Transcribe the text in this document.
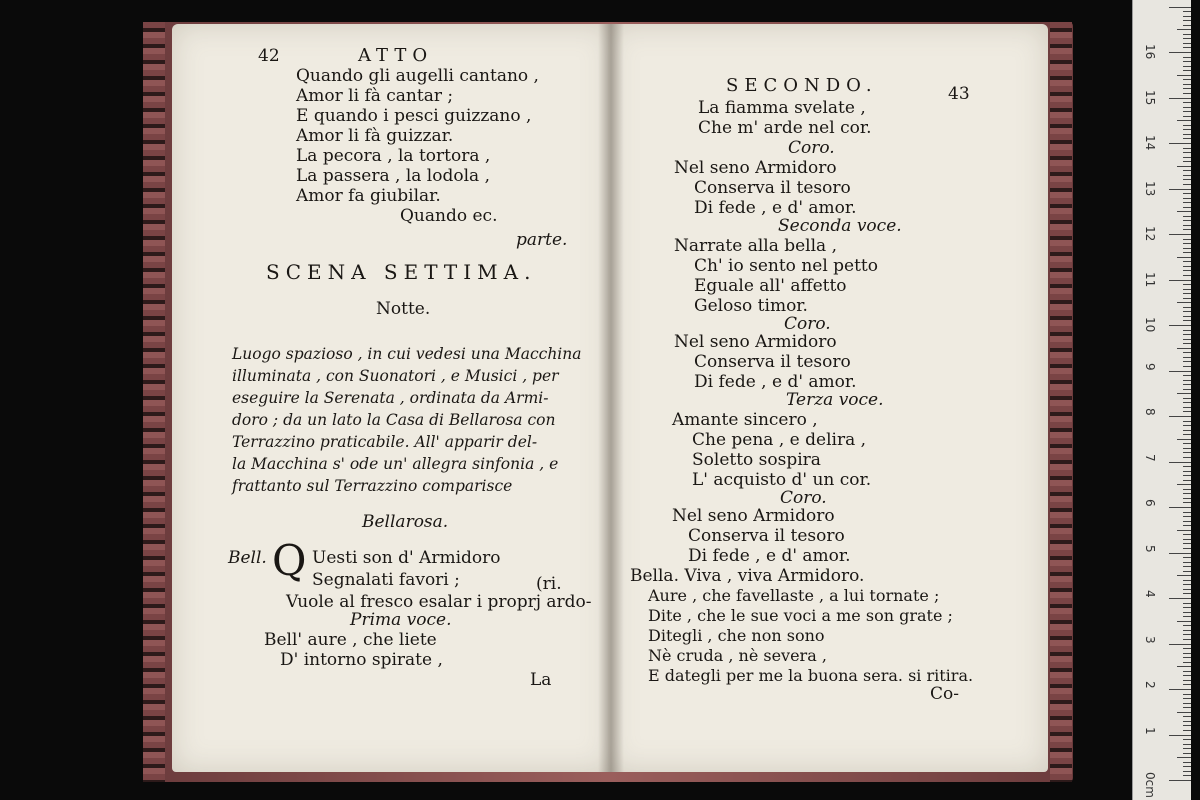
42	ATTO
Quando gli augelli cantano ,
Amor li fà cantar ;
E quando i pesci guizzano ,
Amor li fà guizzar.
La pecora , la tortora ,
La passera , la lodola ,
Amor fa giubilar.
Quando ec.
parte.
SCENA SETTIMA.
Notte.
Luogo spazioso , in cui vedesi una Macchina
illuminata , con Suonatori , e Musici , per
eseguire la Serenata , ordinata da Armi-
doro ; da un lato la Casa di Bellarosa con
Terrazzino praticabile. All' apparir del-
la Macchina s' ode un' allegra sinfonia , e
frattanto sul Terrazzino comparisce
Bellarosa.
Bell. Q Uesti son d' Armidoro
Segnalati favori ;	(ri.
Vuole al fresco esalar i proprj ardo-
Prima voce.
Bell' aure , che liete
D' intorno spirate ,
La
SECONDO.	43
La fiamma svelate ,
Che m' arde nel cor.
Coro.
Nel seno Armidoro
Conserva il tesoro
Di fede , e d' amor.
Seconda voce.
Narrate alla bella ,
Ch' io sento nel petto
Eguale all' affetto
Geloso timor.
Coro.
Nel seno Armidoro
Conserva il tesoro
Di fede , e d' amor.
Terza voce.
Amante sincero ,
Che pena , e delira ,
Soletto sospira
L' acquisto d' un cor.
Coro.
Nel seno Armidoro
Conserva il tesoro
Di fede , e d' amor.
Bella. Viva , viva Armidoro.
Aure , che favellaste , a lui tornate ;
Dite , che le sue voci a me son grate ;
Ditegli , che non sono
Nè cruda , nè severa ,
E dategli per me la buona sera. si ritira.
Co-
0cm
1
2
3
4
5
6
7
8
9
10
11
12
13
14
15
16
